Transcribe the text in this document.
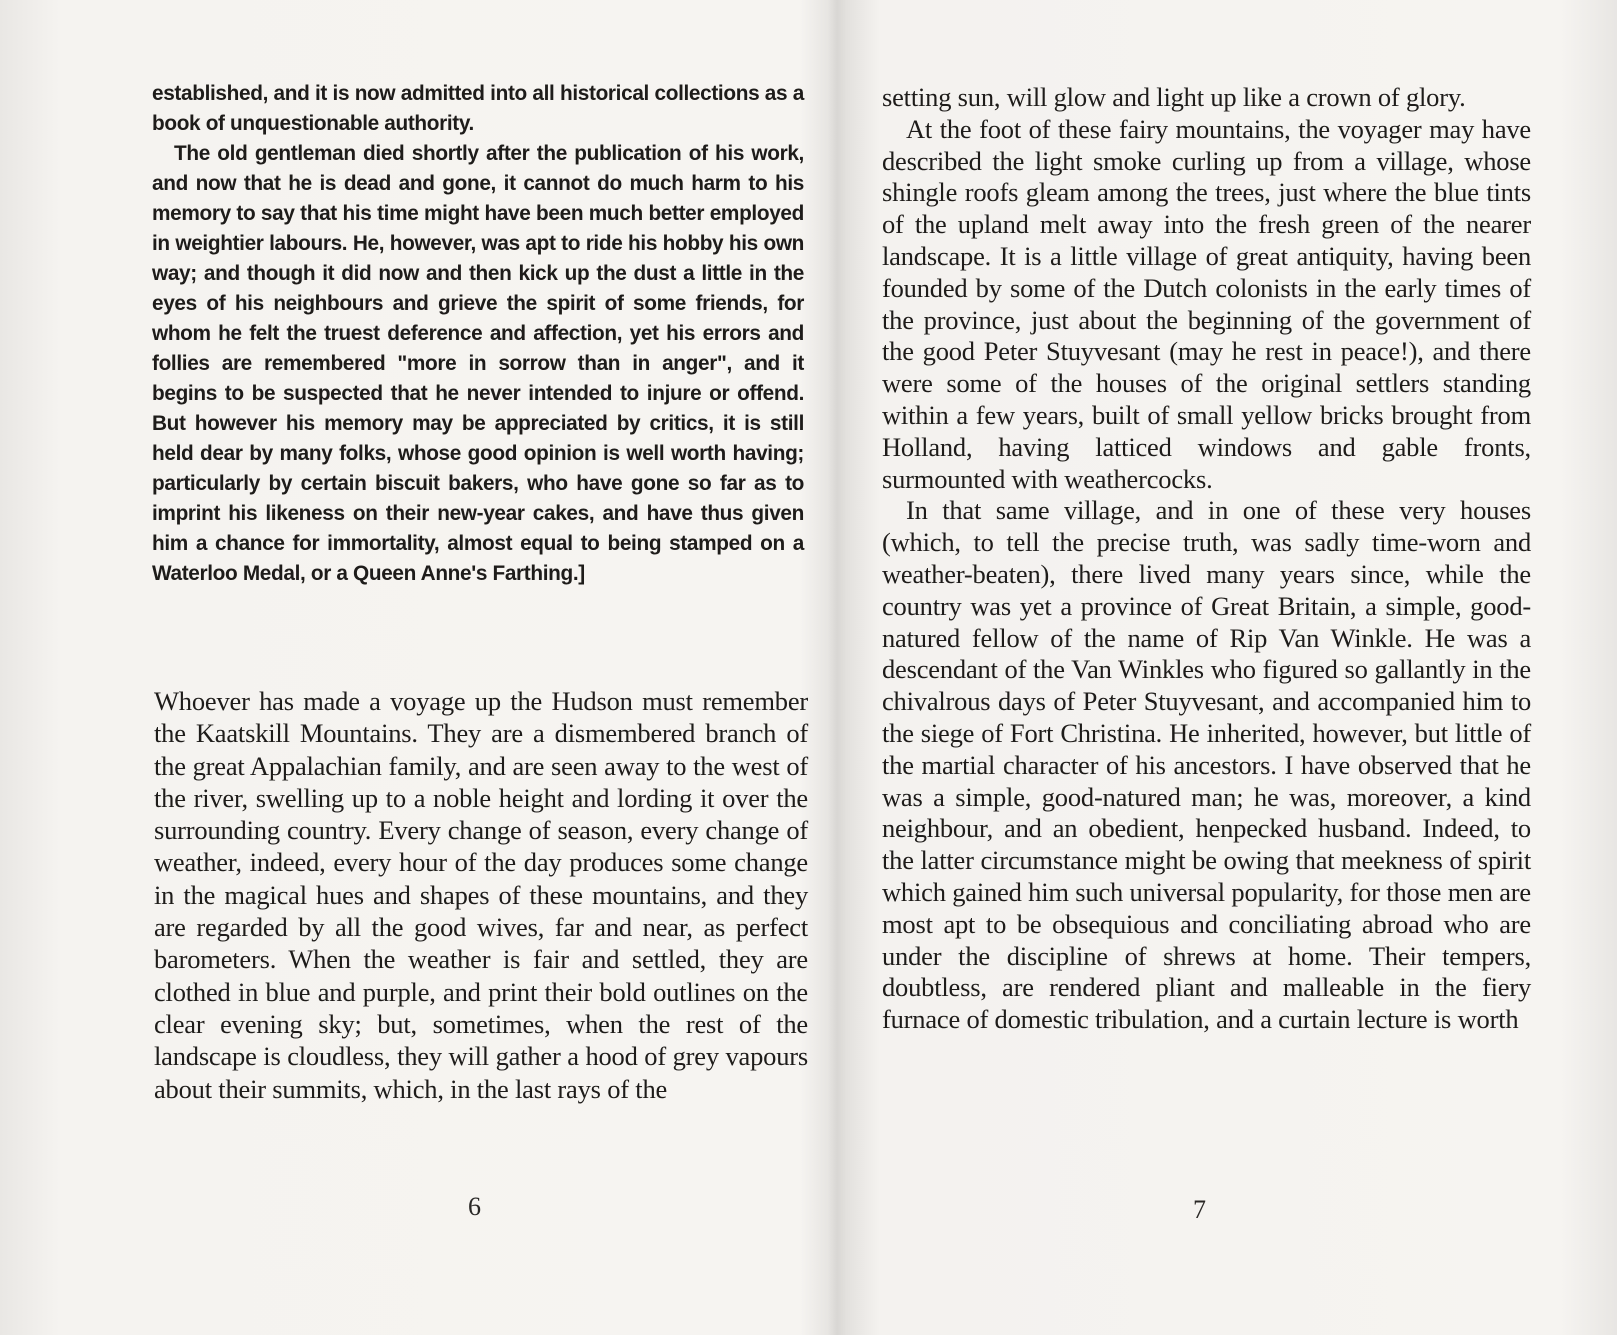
established, and it is now admitted into all historical collections as a book of unquestionable authority.

The old gentleman died shortly after the publication of his work, and now that he is dead and gone, it cannot do much harm to his memory to say that his time might have been much better employed in weightier labours. He, however, was apt to ride his hobby his own way; and though it did now and then kick up the dust a little in the eyes of his neighbours and grieve the spirit of some friends, for whom he felt the truest deference and affection, yet his errors and follies are remembered "more in sorrow than in anger", and it begins to be suspected that he never intended to injure or offend. But however his memory may be appreciated by critics, it is still held dear by many folks, whose good opinion is well worth having; particularly by certain biscuit bakers, who have gone so far as to imprint his likeness on their new-year cakes, and have thus given him a chance for immortality, almost equal to being stamped on a Waterloo Medal, or a Queen Anne's Farthing.]

Whoever has made a voyage up the Hudson must remember the Kaatskill Mountains. They are a dismembered branch of the great Appalachian family, and are seen away to the west of the river, swelling up to a noble height and lording it over the surrounding country. Every change of season, every change of weather, indeed, every hour of the day produces some change in the magical hues and shapes of these mountains, and they are regarded by all the good wives, far and near, as perfect barometers. When the weather is fair and settled, they are clothed in blue and purple, and print their bold outlines on the clear evening sky; but, sometimes, when the rest of the landscape is cloudless, they will gather a hood of grey vapours about their summits, which, in the last rays of the

6

setting sun, will glow and light up like a crown of glory.

At the foot of these fairy mountains, the voyager may have described the light smoke curling up from a village, whose shingle roofs gleam among the trees, just where the blue tints of the upland melt away into the fresh green of the nearer landscape. It is a little village of great antiquity, having been founded by some of the Dutch colonists in the early times of the province, just about the beginning of the government of the good Peter Stuyvesant (may he rest in peace!), and there were some of the houses of the original settlers standing within a few years, built of small yellow bricks brought from Holland, having latticed windows and gable fronts, surmounted with weathercocks.

In that same village, and in one of these very houses (which, to tell the precise truth, was sadly time-worn and weather-beaten), there lived many years since, while the country was yet a province of Great Britain, a simple, good-natured fellow of the name of Rip Van Winkle. He was a descendant of the Van Winkles who figured so gallantly in the chivalrous days of Peter Stuyvesant, and accompanied him to the siege of Fort Christina. He inherited, however, but little of the martial character of his ancestors. I have observed that he was a simple, good-natured man; he was, moreover, a kind neighbour, and an obedient, henpecked husband. Indeed, to the latter circumstance might be owing that meekness of spirit which gained him such universal popularity, for those men are most apt to be obsequious and conciliating abroad who are under the discipline of shrews at home. Their tempers, doubtless, are rendered pliant and malleable in the fiery furnace of domestic tribulation, and a curtain lecture is worth

7
